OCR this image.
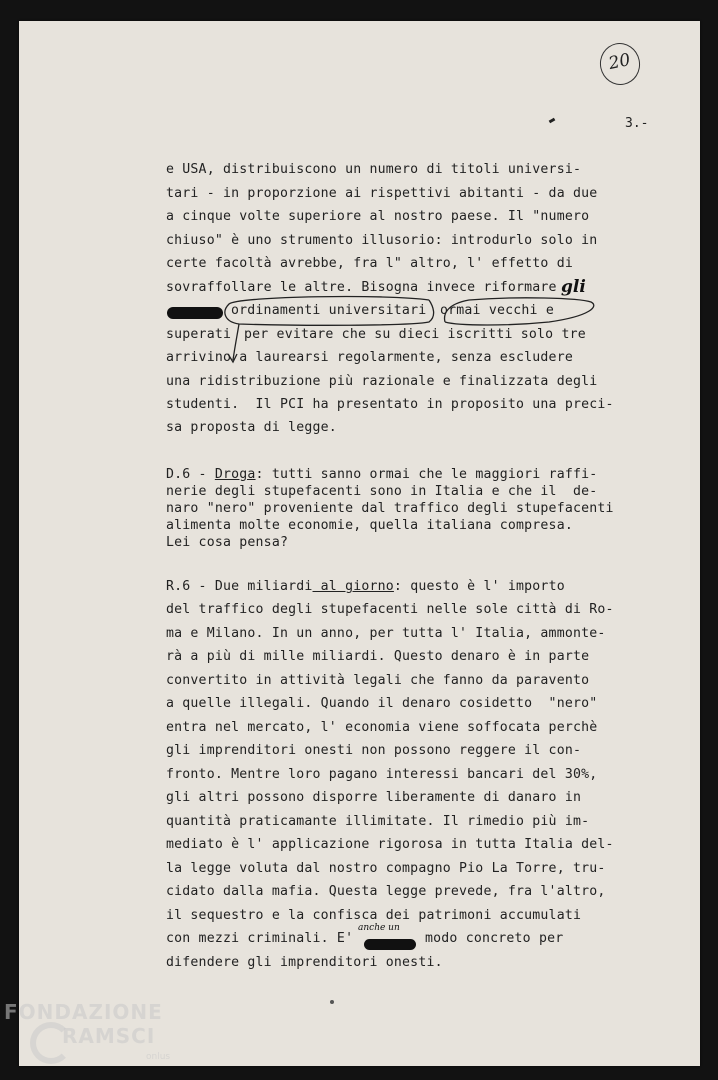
20
3.-

e USA, distribuiscono un numero di titoli universi-

tari - in proporzione ai rispettivi abitanti - da due

a cinque volte superiore al nostro paese. Il "numero

chiuso" è uno strumento illusorio: introdurlo solo in

certe facoltà avrebbe, fra l" altro, l' effetto di

sovraffollare le altre. Bisogna invece riformare

ordinamenti universitari

ormai vecchi e

superati

per evitare che su dieci iscritti solo tre

arrivino a laurearsi regolarmente, senza escludere

una ridistribuzione più razionale e finalizzata degli

studenti.  Il PCI ha presentato in proposito una preci-

sa proposta di legge.

gli

D.6 - Droga: tutti sanno ormai che le maggiori raffi-

nerie degli stupefacenti sono in Italia e che il  de-

naro "nero" proveniente dal traffico degli stupefacenti

alimenta molte economie, quella italiana compresa.

Lei cosa pensa?

R.6 - Due miliardi al giorno: questo è l' importo

del traffico degli stupefacenti nelle sole città di Ro-

ma e Milano. In un anno, per tutta l' Italia, ammonte-

rà a più di mille miliardi. Questo denaro è in parte

convertito in attività legali che fanno da paravento

a quelle illegali. Quando il denaro cosidetto  "nero"

entra nel mercato, l' economia viene soffocata perchè

gli imprenditori onesti non possono reggere il con-

fronto. Mentre loro pagano interessi bancari del 30%,

gli altri possono disporre liberamente di danaro in

quantità praticamante illimitate. Il rimedio più im-

mediato è l' applicazione rigorosa in tutta Italia del-

la legge voluta dal nostro compagno Pio La Torre, tru-

cidato dalla mafia. Questa legge prevede, fra l'altro,

il sequestro e la confisca dei patrimoni accumulati

con mezzi criminali. E'

	modo concreto per

difendere gli imprenditori onesti.

anche un
FONDAZIONE
RAMSCI
onlus
